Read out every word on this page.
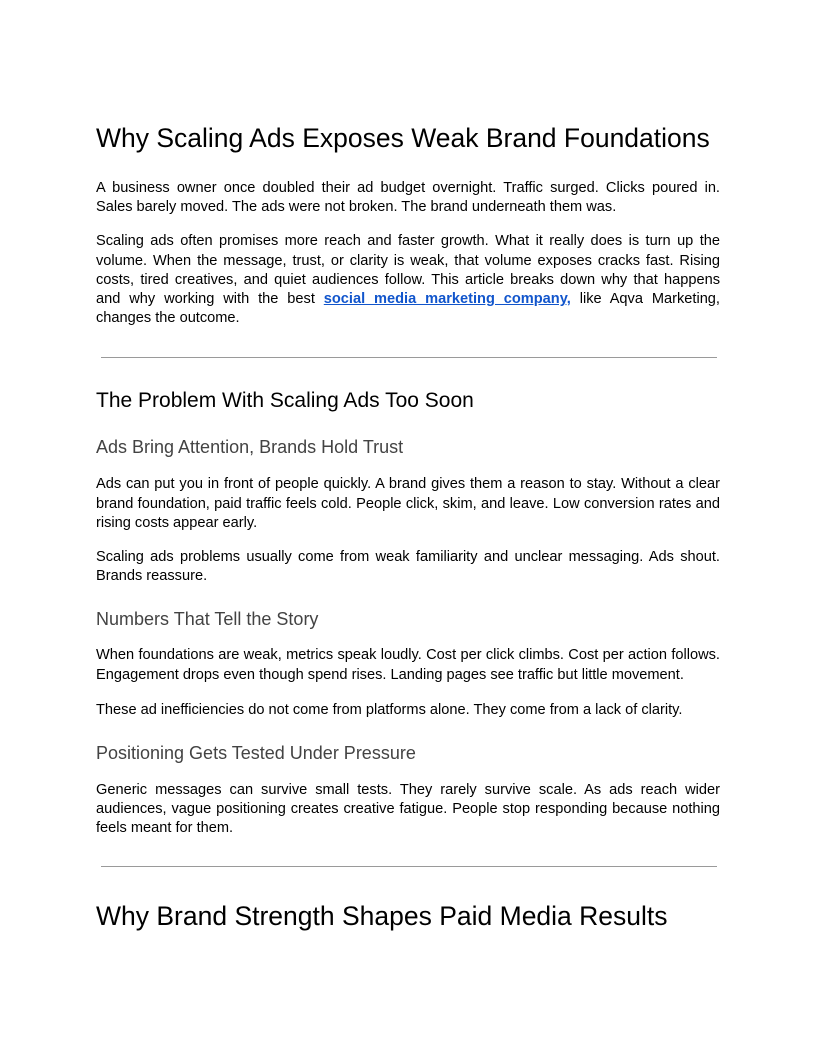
Why Scaling Ads Exposes Weak Brand Foundations

A business owner once doubled their ad budget overnight. Traffic surged. Clicks poured in. Sales barely moved. The ads were not broken. The brand underneath them was.

Scaling ads often promises more reach and faster growth. What it really does is turn up the volume. When the message, trust, or clarity is weak, that volume exposes cracks fast. Rising costs, tired creatives, and quiet audiences follow. This article breaks down why that happens and why working with the best social media marketing company, like Aqva Marketing, changes the outcome.

The Problem With Scaling Ads Too Soon
Ads Bring Attention, Brands Hold Trust

Ads can put you in front of people quickly. A brand gives them a reason to stay. Without a clear brand foundation, paid traffic feels cold. People click, skim, and leave. Low conversion rates and rising costs appear early.

Scaling ads problems usually come from weak familiarity and unclear messaging. Ads shout. Brands reassure.

Numbers That Tell the Story

When foundations are weak, metrics speak loudly. Cost per click climbs. Cost per action follows. Engagement drops even though spend rises. Landing pages see traffic but little movement.

These ad inefficiencies do not come from platforms alone. They come from a lack of clarity.

Positioning Gets Tested Under Pressure

Generic messages can survive small tests. They rarely survive scale. As ads reach wider audiences, vague positioning creates creative fatigue. People stop responding because nothing feels meant for them.

Why Brand Strength Shapes Paid Media Results
